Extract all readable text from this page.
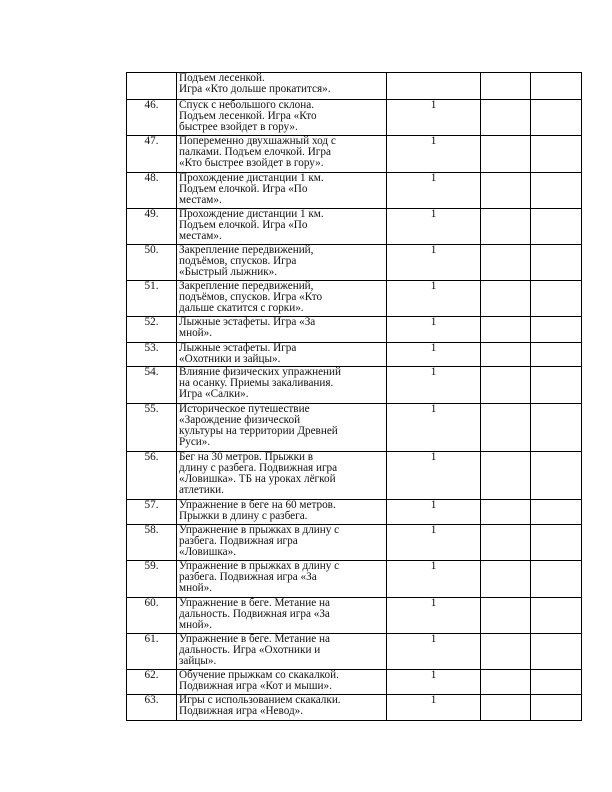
	Подъем лесенкой.
Игра «Кто дольше прокатится».			
46.	Спуск с небольшого склона.
Подъем лесенкой. Игра «Кто
быстрее взойдет в гору».	1		
47.	Попеременно двухшажный ход с
палками. Подъем елочкой. Игра
«Кто быстрее взойдет в гору».	1		
48.	Прохождение дистанции 1 км.
Подъем елочкой. Игра «По
местам».	1		
49.	Прохождение дистанции 1 км.
Подъем елочкой. Игра «По
местам».	1		
50.	Закрепление передвижений,
подъёмов, спусков. Игра
«Быстрый лыжник».	1		
51.	Закрепление передвижений,
подъёмов, спусков. Игра «Кто
дальше скатится с горки».	1		
52.	Лыжные эстафеты. Игра «За
мной».	1		
53.	Лыжные эстафеты. Игра
«Охотники и зайцы».	1		
54.	Влияние физических упражнений
на осанку. Приемы закаливания.
Игра «Салки».	1		
55.	Историческое путешествие
«Зарождение физической
культуры на территории Древней
Руси».	1		
56.	Бег на 30 метров. Прыжки в
длину с разбега. Подвижная игра
«Ловишка». ТБ на уроках лёгкой
атлетики.	1		
57.	Упражнение в беге на 60 метров.
Прыжки в длину с разбега.	1		
58.	Упражнение в прыжках в длину с
разбега. Подвижная игра
«Ловишка».	1		
59.	Упражнение в прыжках в длину с
разбега. Подвижная игра «За
мной».	1		
60.	Упражнение в беге. Метание на
дальность. Подвижная игра «За
мной».	1		
61.	Упражнение в беге. Метание на
дальность. Игра «Охотники и
зайцы».	1		
62.	Обучение прыжкам со скакалкой.
Подвижная игра «Кот и мыши».	1		
63.	Игры с использованием скакалки.
Подвижная игра «Невод».	1		
